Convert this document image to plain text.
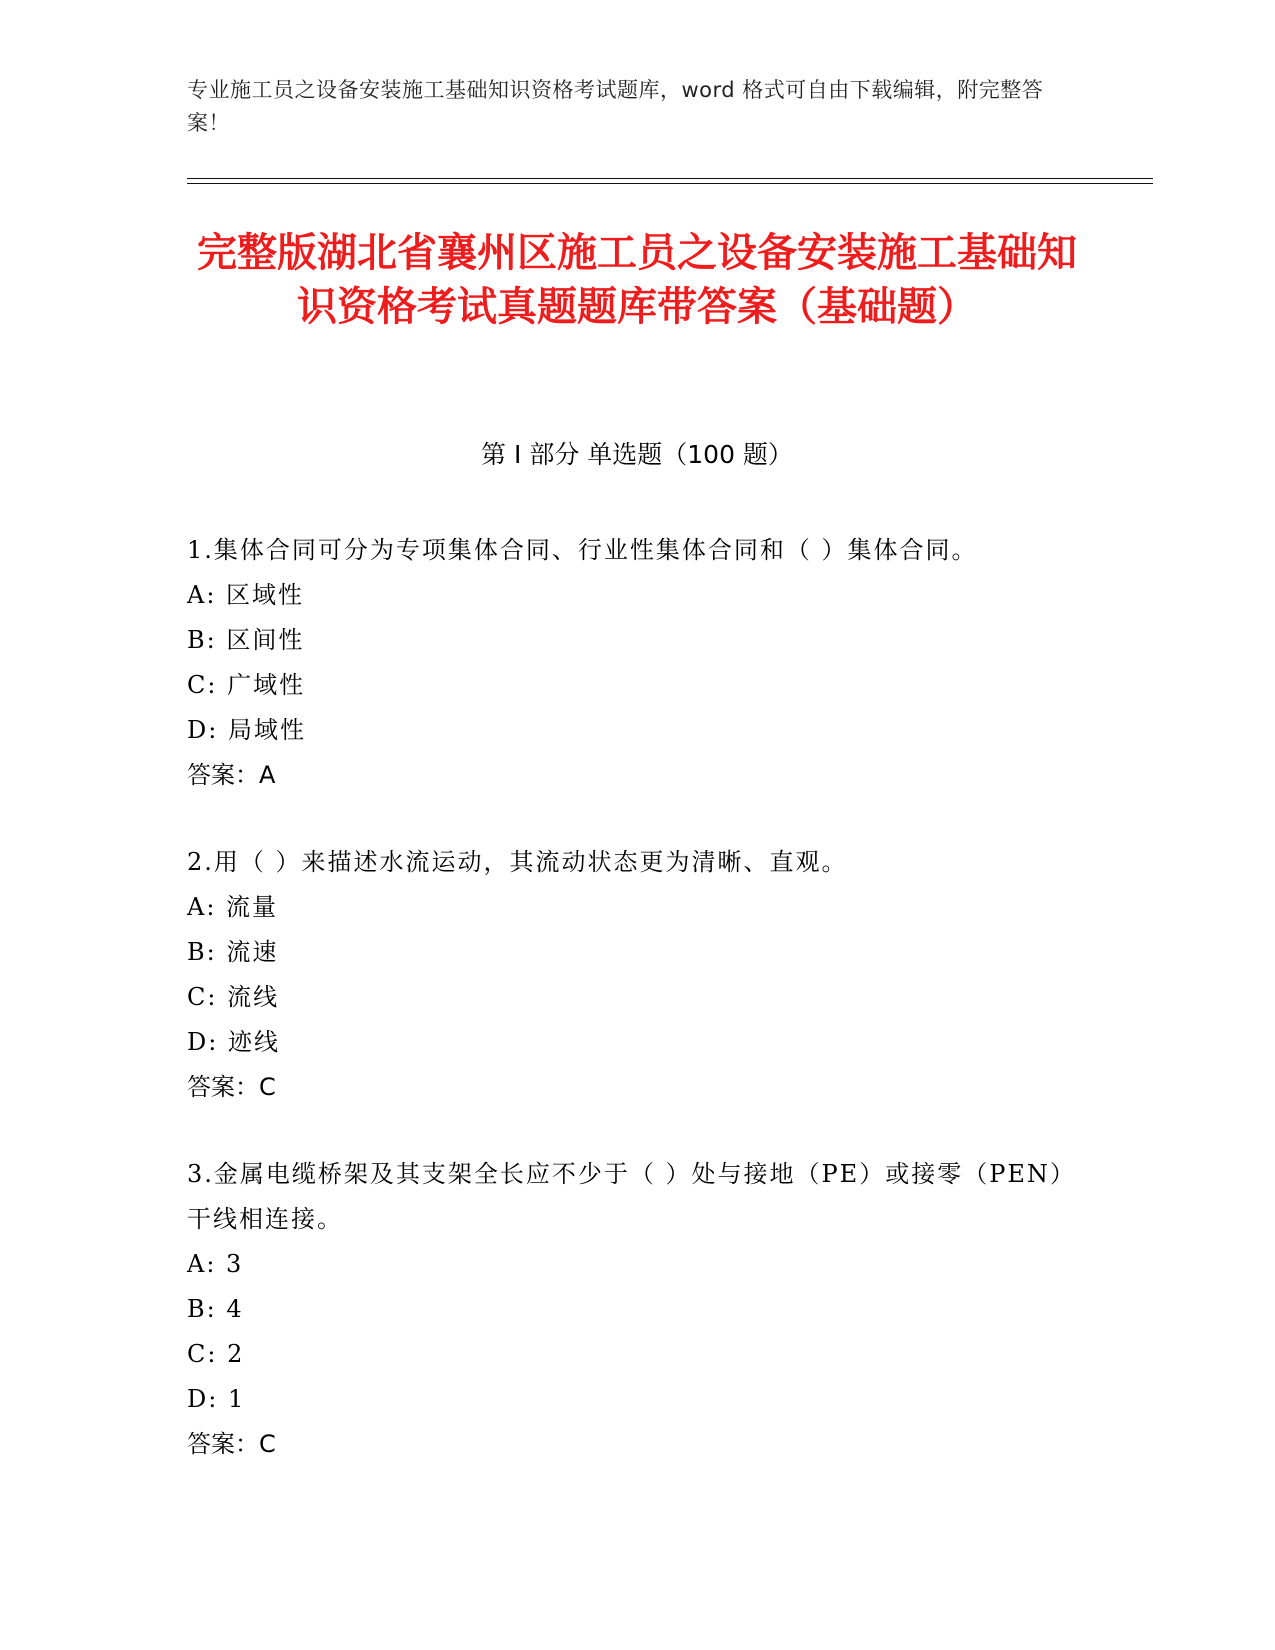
专业施工员之设备安装施工基础知识资格考试题库，word 格式可自由下载编辑，附完整答案！
完整版湖北省襄州区施工员之设备安装施工基础知识资格考试真题题库带答案（基础题）
第 I 部分 单选题（100 题）

1.集体合同可分为专项集体合同、行业性集体合同和（ ）集体合同。

A: 区域性

B: 区间性

C: 广域性

D: 局域性

答案：A

2.用（ ）来描述水流运动，其流动状态更为清晰、直观。

A: 流量

B: 流速

C: 流线

D: 迹线

答案：C

3.金属电缆桥架及其支架全长应不少于（ ）处与接地（PE）或接零（PEN）干线相连接。

A: 3

B: 4

C: 2

D: 1

答案：C
